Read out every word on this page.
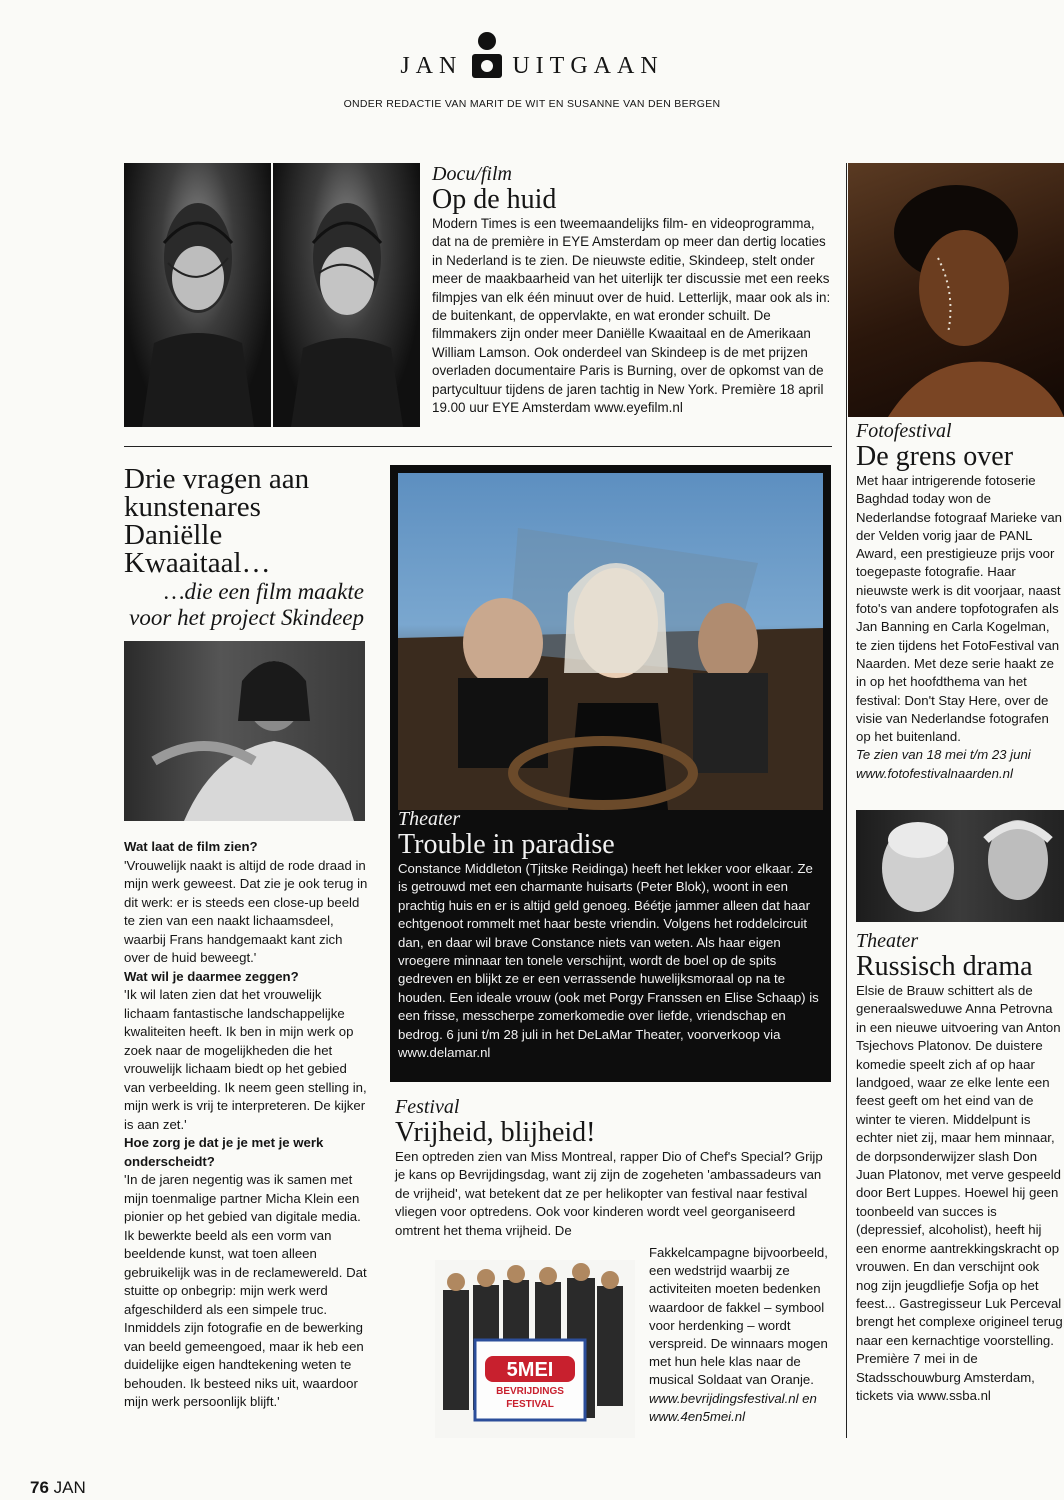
JAN UITGAAN
ONDER REDACTIE VAN MARIT DE WIT EN SUSANNE VAN DEN BERGEN
Docu/film
Op de huid
Modern Times is een tweemaandelijks film- en videoprogramma, dat na de première in EYE Amsterdam op meer dan dertig locaties in Nederland is te zien. De nieuwste editie, Skindeep, stelt onder meer de maakbaarheid van het uiterlijk ter discussie met een reeks filmpjes van elk één minuut over de huid. Letterlijk, maar ook als in: de buitenkant, de oppervlakte, en wat eronder schuilt. De filmmakers zijn onder meer Daniëlle Kwaaitaal en de Amerikaan William Lamson. Ook onderdeel van Skindeep is de met prijzen overladen documentaire Paris is Burning, over de opkomst van de partycultuur tijdens de jaren tachtig in New York. Première 18 april 19.00 uur EYE Amsterdam www.eyefilm.nl
Fotofestival
De grens over
Met haar intrigerende fotoserie Baghdad today won de Nederlandse fotograaf Marieke van der Velden vorig jaar de PANL Award, een prestigieuze prijs voor toegepaste fotografie. Haar nieuwste werk is dit voorjaar, naast foto's van andere topfotografen als Jan Banning en Carla Kogelman, te zien tijdens het FotoFestival van Naarden. Met deze serie haakt ze in op het hoofdthema van het festival: Don't Stay Here, over de visie van Nederlandse fotografen op het buitenland.
Te zien van 18 mei t/m 23 juni www.fotofestivalnaarden.nl
Drie vragen aan kunstenares Daniëlle Kwaaitaal…
…die een film maakte voor het project Skindeep

Wat laat de film zien?

'Vrouwelijk naakt is altijd de rode draad in mijn werk geweest. Dat zie je ook terug in dit werk: er is steeds een close-up beeld te zien van een naakt lichaamsdeel, waarbij Frans handgemaakt kant zich over de huid beweegt.'

Wat wil je daarmee zeggen?

'Ik wil laten zien dat het vrouwelijk lichaam fantastische landschappelijke kwaliteiten heeft. Ik ben in mijn werk op zoek naar de mogelijkheden die het vrouwelijk lichaam biedt op het gebied van verbeelding. Ik neem geen stelling in, mijn werk is vrij te interpreteren. De kijker is aan zet.'

Hoe zorg je dat je je met je werk onderscheidt?

'In de jaren negentig was ik samen met mijn toenmalige partner Micha Klein een pionier op het gebied van digitale media. Ik bewerkte beeld als een vorm van beeldende kunst, wat toen alleen gebruikelijk was in de reclamewereld. Dat stuitte op onbegrip: mijn werk werd afgeschilderd als een simpele truc. Inmiddels zijn fotografie en de bewerking van beeld gemeengoed, maar ik heb een duidelijke eigen handtekening weten te behouden. Ik besteed niks uit, waardoor mijn werk persoonlijk blijft.'

Theater
Trouble in paradise
Constance Middleton (Tjitske Reidinga) heeft het lekker voor elkaar. Ze is getrouwd met een charmante huisarts (Peter Blok), woont in een prachtig huis en er is altijd geld genoeg. Béétje jammer alleen dat haar echtgenoot rommelt met haar beste vriendin. Volgens het roddelcircuit dan, en daar wil brave Constance niets van weten. Als haar eigen vroegere minnaar ten tonele verschijnt, wordt de boel op de spits gedreven en blijkt ze er een verrassende huwelijksmoraal op na te houden. Een ideale vrouw (ook met Porgy Franssen en Elise Schaap) is een frisse, messcherpe zomerkomedie over liefde, vriendschap en bedrog. 6 juni t/m 28 juli in het DeLaMar Theater, voorverkoop via www.delamar.nl
Festival
Vrijheid, blijheid!
Een optreden zien van Miss Montreal, rapper Dio of Chef's Special? Grijp je kans op Bevrijdingsdag, want zij zijn de zogeheten 'ambassadeurs van de vrijheid', wat betekent dat ze per helikopter van festival naar festival vliegen voor optredens. Ook voor kinderen wordt veel georganiseerd omtrent het thema vrijheid. De
5MEI
BEVRIJDINGS
FESTIVAL
Fakkelcampagne bijvoorbeeld, een wedstrijd waarbij ze activiteiten moeten bedenken waardoor de fakkel – symbool voor herdenking – wordt verspreid. De winnaars mogen met hun hele klas naar de musical Soldaat van Oranje.
www.bevrijdingsfestival.nl en www.4en5mei.nl
Theater
Russisch drama
Elsie de Brauw schittert als de generaalsweduwe Anna Petrovna in een nieuwe uitvoering van Anton Tsjechovs Platonov. De duistere komedie speelt zich af op haar landgoed, waar ze elke lente een feest geeft om het eind van de winter te vieren. Middelpunt is echter niet zij, maar hem minnaar, de dorpsonderwijzer slash Don Juan Platonov, met verve gespeeld door Bert Luppes. Hoewel hij geen toonbeeld van succes is (depressief, alcoholist), heeft hij een enorme aantrekkingskracht op vrouwen. En dan verschijnt ook nog zijn jeugdliefje Sofja op het feest... Gastregisseur Luk Perceval brengt het complexe origineel terug naar een kernachtige voorstelling. Première 7 mei in de Stadsschouwburg Amsterdam, tickets via www.ssba.nl
76 JAN
